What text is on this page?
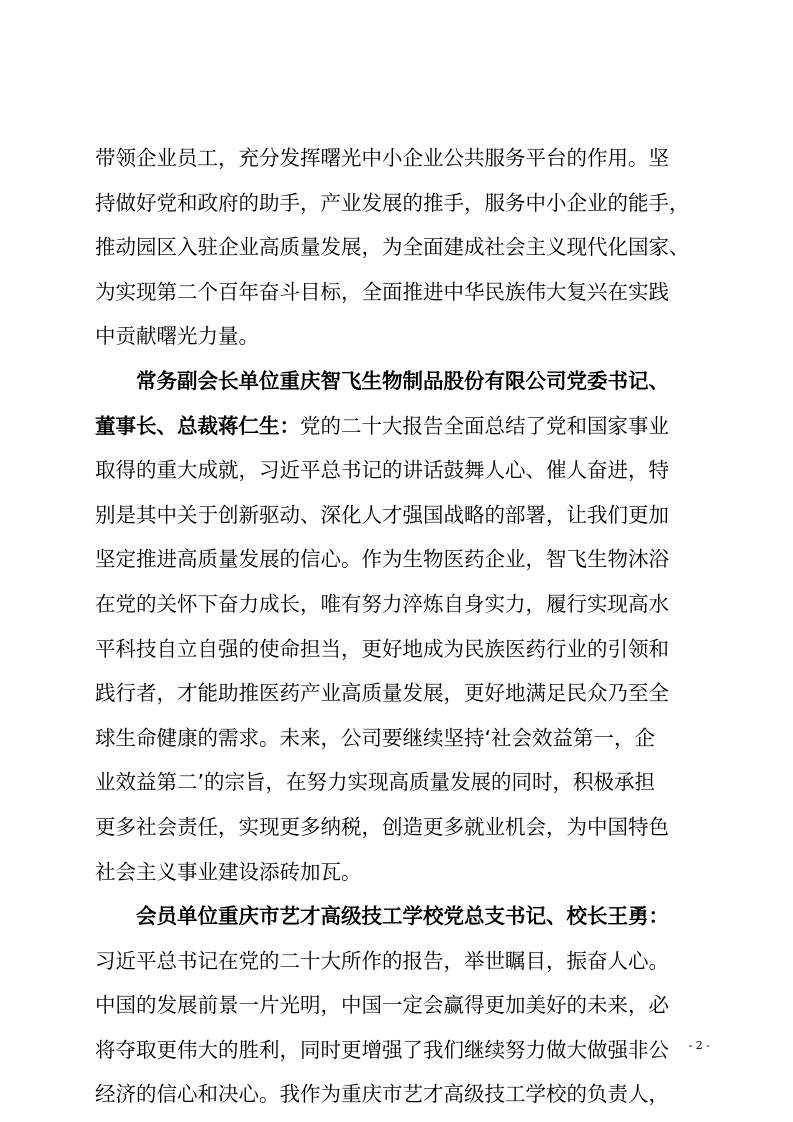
带领企业员工，充分发挥曙光中小企业公共服务平台的作用。坚
持做好党和政府的助手，产业发展的推手，服务中小企业的能手，
推动园区入驻企业高质量发展，为全面建成社会主义现代化国家、
为实现第二个百年奋斗目标，全面推进中华民族伟大复兴在实践
中贡献曙光力量。
常务副会长单位重庆智飞生物制品股份有限公司党委书记、
董事长、总裁蒋仁生：党的二十大报告全面总结了党和国家事业
取得的重大成就，习近平总书记的讲话鼓舞人心、催人奋进，特
别是其中关于创新驱动、深化人才强国战略的部署，让我们更加
坚定推进高质量发展的信心。作为生物医药企业，智飞生物沐浴
在党的关怀下奋力成长，唯有努力淬炼自身实力，履行实现高水
平科技自立自强的使命担当，更好地成为民族医药行业的引领和
践行者，才能助推医药产业高质量发展，更好地满足民众乃至全
球生命健康的需求。未来，公司要继续坚持‘社会效益第一，企
业效益第二’的宗旨，在努力实现高质量发展的同时，积极承担
更多社会责任，实现更多纳税，创造更多就业机会，为中国特色
社会主义事业建设添砖加瓦。
会员单位重庆市艺才高级技工学校党总支书记、校长王勇：
习近平总书记在党的二十大所作的报告，举世瞩目，振奋人心。
中国的发展前景一片光明，中国一定会赢得更加美好的未来，必
将夺取更伟大的胜利，同时更增强了我们继续努力做大做强非公
经济的信心和决心。我作为重庆市艺才高级技工学校的负责人，
- 2 -
